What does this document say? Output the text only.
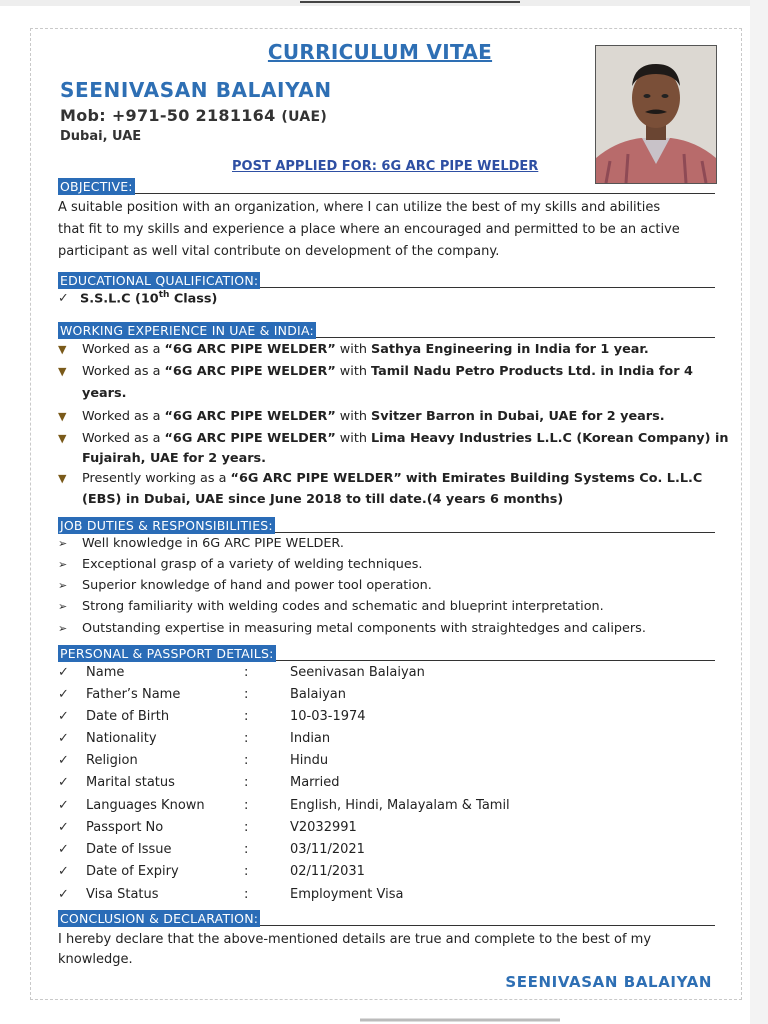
CURRICULUM VITAE
SEENIVASAN BALAIYAN
Mob: +971-50 2181164 (UAE)
Dubai, UAE
POST APPLIED FOR: 6G ARC PIPE WELDER
OBJECTIVE:
A suitable position with an organization, where I can utilize the best of my skills and abilities
that fit to my skills and experience a place where an encouraged and permitted to be an active
participant as well vital contribute on development of the company.
EDUCATIONAL QUALIFICATION:
✓ S.S.L.C (10th Class)
WORKING EXPERIENCE IN UAE & INDIA:
▼ Worked as a “6G ARC PIPE WELDER” with Sathya Engineering in India for 1 year.
▼ Worked as a “6G ARC PIPE WELDER” with Tamil Nadu Petro Products Ltd. in India for 4
years.
▼ Worked as a “6G ARC PIPE WELDER” with Svitzer Barron in Dubai, UAE for 2 years.
▼ Worked as a “6G ARC PIPE WELDER” with Lima Heavy Industries L.L.C (Korean Company) in
Fujairah, UAE for 2 years.
▼ Presently working as a “6G ARC PIPE WELDER” with Emirates Building Systems Co. L.L.C
(EBS) in Dubai, UAE since June 2018 to till date.(4 years 6 months)
JOB DUTIES & RESPONSIBILITIES:
➢ Well knowledge in 6G ARC PIPE WELDER.
➢ Exceptional grasp of a variety of welding techniques.
➢ Superior knowledge of hand and power tool operation.
➢ Strong familiarity with welding codes and schematic and blueprint interpretation.
➢ Outstanding expertise in measuring metal components with straightedges and calipers.
PERSONAL & PASSPORT DETAILS:
✓ Name	:	Seenivasan Balaiyan
✓ Father’s Name	:	Balaiyan
✓ Date of Birth	:	10-03-1974
✓ Nationality	:	Indian
✓ Religion	:	Hindu
✓ Marital status	:	Married
✓ Languages Known	:	English, Hindi, Malayalam & Tamil
✓ Passport No	:	V2032991
✓ Date of Issue	:	03/11/2021
✓ Date of Expiry	:	02/11/2031
✓ Visa Status	:	Employment Visa
CONCLUSION & DECLARATION:
I hereby declare that the above-mentioned details are true and complete to the best of my
knowledge.
SEENIVASAN BALAIYAN
